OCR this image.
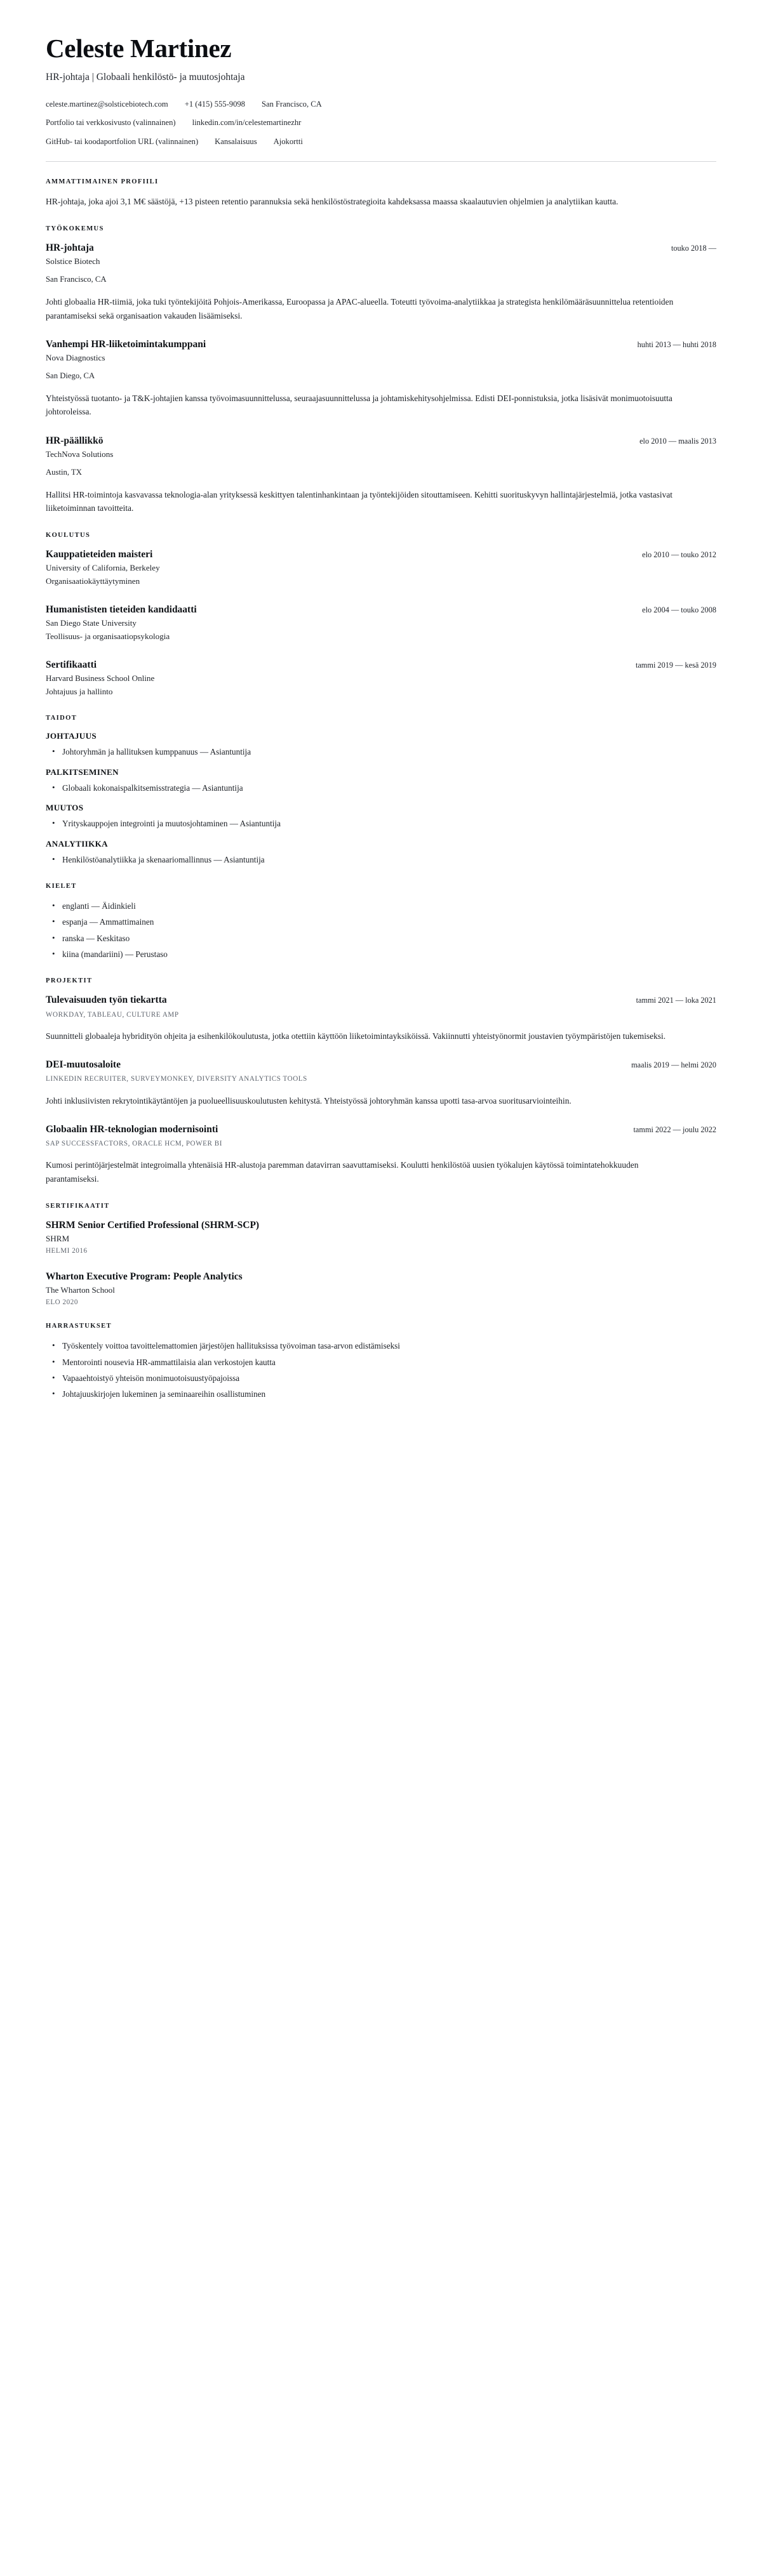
Celeste Martinez
HR-johtaja | Globaali henkilöstö- ja muutosjohtaja
celeste.martinez@solsticebiotech.com +1 (415) 555-9098 San Francisco, CA
Portfolio tai verkkosivusto (valinnainen) linkedin.com/in/celestemartinezhr
GitHub- tai koodaportfolion URL (valinnainen) Kansalaisuus Ajokortti
AMMATTIMAINEN PROFIILI

HR-johtaja, joka ajoi 3,1 M€ säästöjä, +13 pisteen retentio parannuksia sekä henkilöstöstrategioita kahdeksassa maassa skaalautuvien ohjelmien ja analytiikan kautta.

TYÖKOKEMUS
HR-johtaja	touko 2018 —
Solstice Biotech
San Francisco, CA

Johti globaalia HR-tiimiä, joka tuki työntekijöitä Pohjois-Amerikassa, Euroopassa ja APAC-alueella. Toteutti työvoima-analytiikkaa ja strategista henkilömääräsuunnittelua retentioiden parantamiseksi sekä organisaation vakauden lisäämiseksi.

Vanhempi HR-liiketoimintakumppani	huhti 2013 — huhti 2018
Nova Diagnostics
San Diego, CA

Yhteistyössä tuotanto- ja T&K-johtajien kanssa työvoimasuunnittelussa, seuraajasuunnittelussa ja johtamiskehitysohjelmissa. Edisti DEI-ponnistuksia, jotka lisäsivät monimuotoisuutta johtoroleissa.

HR-päällikkö	elo 2010 — maalis 2013
TechNova Solutions
Austin, TX

Hallitsi HR-toimintoja kasvavassa teknologia-alan yrityksessä keskittyen talentinhankintaan ja työntekijöiden sitouttamiseen. Kehitti suorituskyvyn hallintajärjestelmiä, jotka vastasivat liiketoiminnan tavoitteita.

KOULUTUS
Kauppatieteiden maisteri	elo 2010 — touko 2012
University of California, Berkeley
Organisaatiokäyttäytyminen
Humanististen tieteiden kandidaatti	elo 2004 — touko 2008
San Diego State University
Teollisuus- ja organisaatiopsykologia
Sertifikaatti	tammi 2019 — kesä 2019
Harvard Business School Online
Johtajuus ja hallinto
TAIDOT
JOHTAJUUS
• Johtoryhmän ja hallituksen kumppanuus — Asiantuntija
PALKITSEMINEN
• Globaali kokonaispalkitsemisstrategia — Asiantuntija
MUUTOS
• Yrityskauppojen integrointi ja muutosjohtaminen — Asiantuntija
ANALYTIIKKA
• Henkilöstöanalytiikka ja skenaariomallinnus — Asiantuntija
KIELET
• englanti — Äidinkieli
• espanja — Ammattimainen
• ranska — Keskitaso
• kiina (mandariini) — Perustaso
PROJEKTIT
Tulevaisuuden työn tiekartta	tammi 2021 — loka 2021
WORKDAY, TABLEAU, CULTURE AMP

Suunnitteli globaaleja hybridityön ohjeita ja esihenkilökoulutusta, jotka otettiin käyttöön liiketoimintayksiköissä. Vakiinnutti yhteistyönormit joustavien työympäristöjen tukemiseksi.

DEI-muutosaloite	maalis 2019 — helmi 2020
LINKEDIN RECRUITER, SURVEYMONKEY, DIVERSITY ANALYTICS TOOLS

Johti inklusiivisten rekrytointikäytäntöjen ja puolueellisuuskoulutusten kehitystä. Yhteistyössä johtoryhmän kanssa upotti tasa-arvoa suoritusarviointeihin.

Globaalin HR-teknologian modernisointi	tammi 2022 — joulu 2022
SAP SUCCESSFACTORS, ORACLE HCM, POWER BI

Kumosi perintöjärjestelmät integroimalla yhtenäisiä HR-alustoja paremman datavirran saavuttamiseksi. Koulutti henkilöstöä uusien työkalujen käytössä toimintatehokkuuden parantamiseksi.

SERTIFIKAATIT
SHRM Senior Certified Professional (SHRM-SCP)
SHRM
HELMI 2016
Wharton Executive Program: People Analytics
The Wharton School
ELO 2020
HARRASTUKSET
• Työskentely voittoa tavoittelemattomien järjestöjen hallituksissa työvoiman tasa-arvon edistämiseksi
• Mentorointi nousevia HR-ammattilaisia alan verkostojen kautta
• Vapaaehtoistyö yhteisön monimuotoisuustyöpajoissa
• Johtajuuskirjojen lukeminen ja seminaareihin osallistuminen
